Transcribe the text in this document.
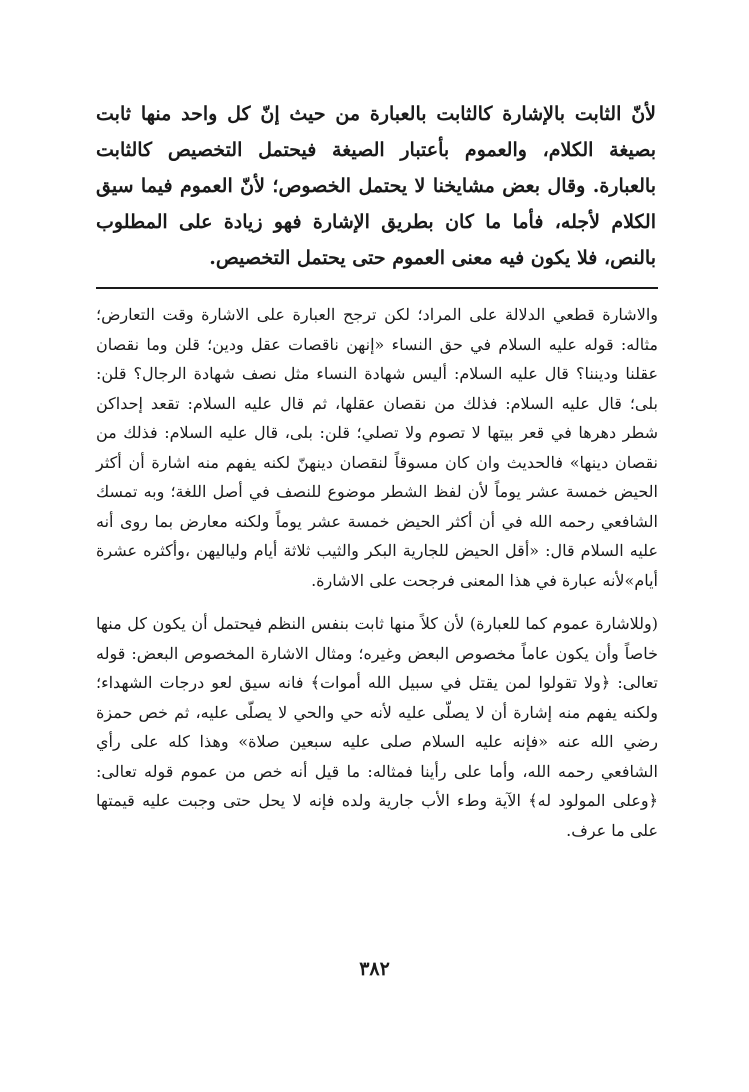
لأنّ الثابت بالإشارة كالثابت بالعبارة من حيث إنّ كل واحد منها ثابت بصيغة الكلام، والعموم بأعتبار الصيغة فيحتمل التخصيص كالثابت بالعبارة. وقال بعض مشايخنا لا يحتمل الخصوص؛ لأنّ العموم فيما سيق الكلام لأجله، فأما ما كان بطريق الإشارة فهو زيادة على المطلوب بالنص، فلا يكون فيه معنى العموم حتى يحتمل التخصيص.

والاشارة قطعي الدلالة على المراد؛ لكن ترجح العبارة على الاشارة وقت التعارض؛ مثاله: قوله عليه السلام في حق النساء «إنهن ناقصات عقل ودين؛ قلن وما نقصان عقلنا وديننا؟ قال عليه السلام: أليس شهادة النساء مثل نصف شهادة الرجال؟ قلن: بلى؛ قال عليه السلام: فذلك من نقصان عقلها، ثم قال عليه السلام: تقعد إحداكن شطر دهرها في قعر بيتها لا تصوم ولا تصلي؛ قلن: بلى، قال عليه السلام: فذلك من نقصان دينها» فالحديث وان كان مسوقاً لنقصان دينهنّ لكنه يفهم منه اشارة أن أكثر الحيض خمسة عشر يوماً لأن لفظ الشطر موضوع للنصف في أصل اللغة؛ وبه تمسك الشافعي رحمه الله في أن أكثر الحيض خمسة عشر يوماً ولكنه معارض بما روى أنه عليه السلام قال: «أقل الحيض للجارية البكر والثيب ثلاثة أيام ولياليهن ،وأكثره عشرة أيام»لأنه عبارة في هذا المعنى فرجحت على الاشارة.

(وللاشارة عموم كما للعبارة) لأن كلاً منها ثابت بنفس النظم فيحتمل أن يكون كل منها خاصاً وأن يكون عاماً مخصوص البعض وغيره؛ ومثال الاشارة المخصوص البعض: قوله تعالى: ﴿ولا تقولوا لمن يقتل في سبيل الله أموات﴾ فانه سيق لعو درجات الشهداء؛ ولكنه يفهم منه إشارة أن لا يصلّى عليه لأنه حي والحي لا يصلّى عليه، ثم خص حمزة رضي الله عنه «فإنه عليه السلام صلى عليه سبعين صلاة» وهذا كله على رأي الشافعي رحمه الله، وأما على رأينا فمثاله: ما قيل أنه خص من عموم قوله تعالى: ﴿وعلى المولود له﴾ الآية وطء الأب جارية ولده فإنه لا يحل حتى وجبت عليه قيمتها على ما عرف.

٣٨٢
